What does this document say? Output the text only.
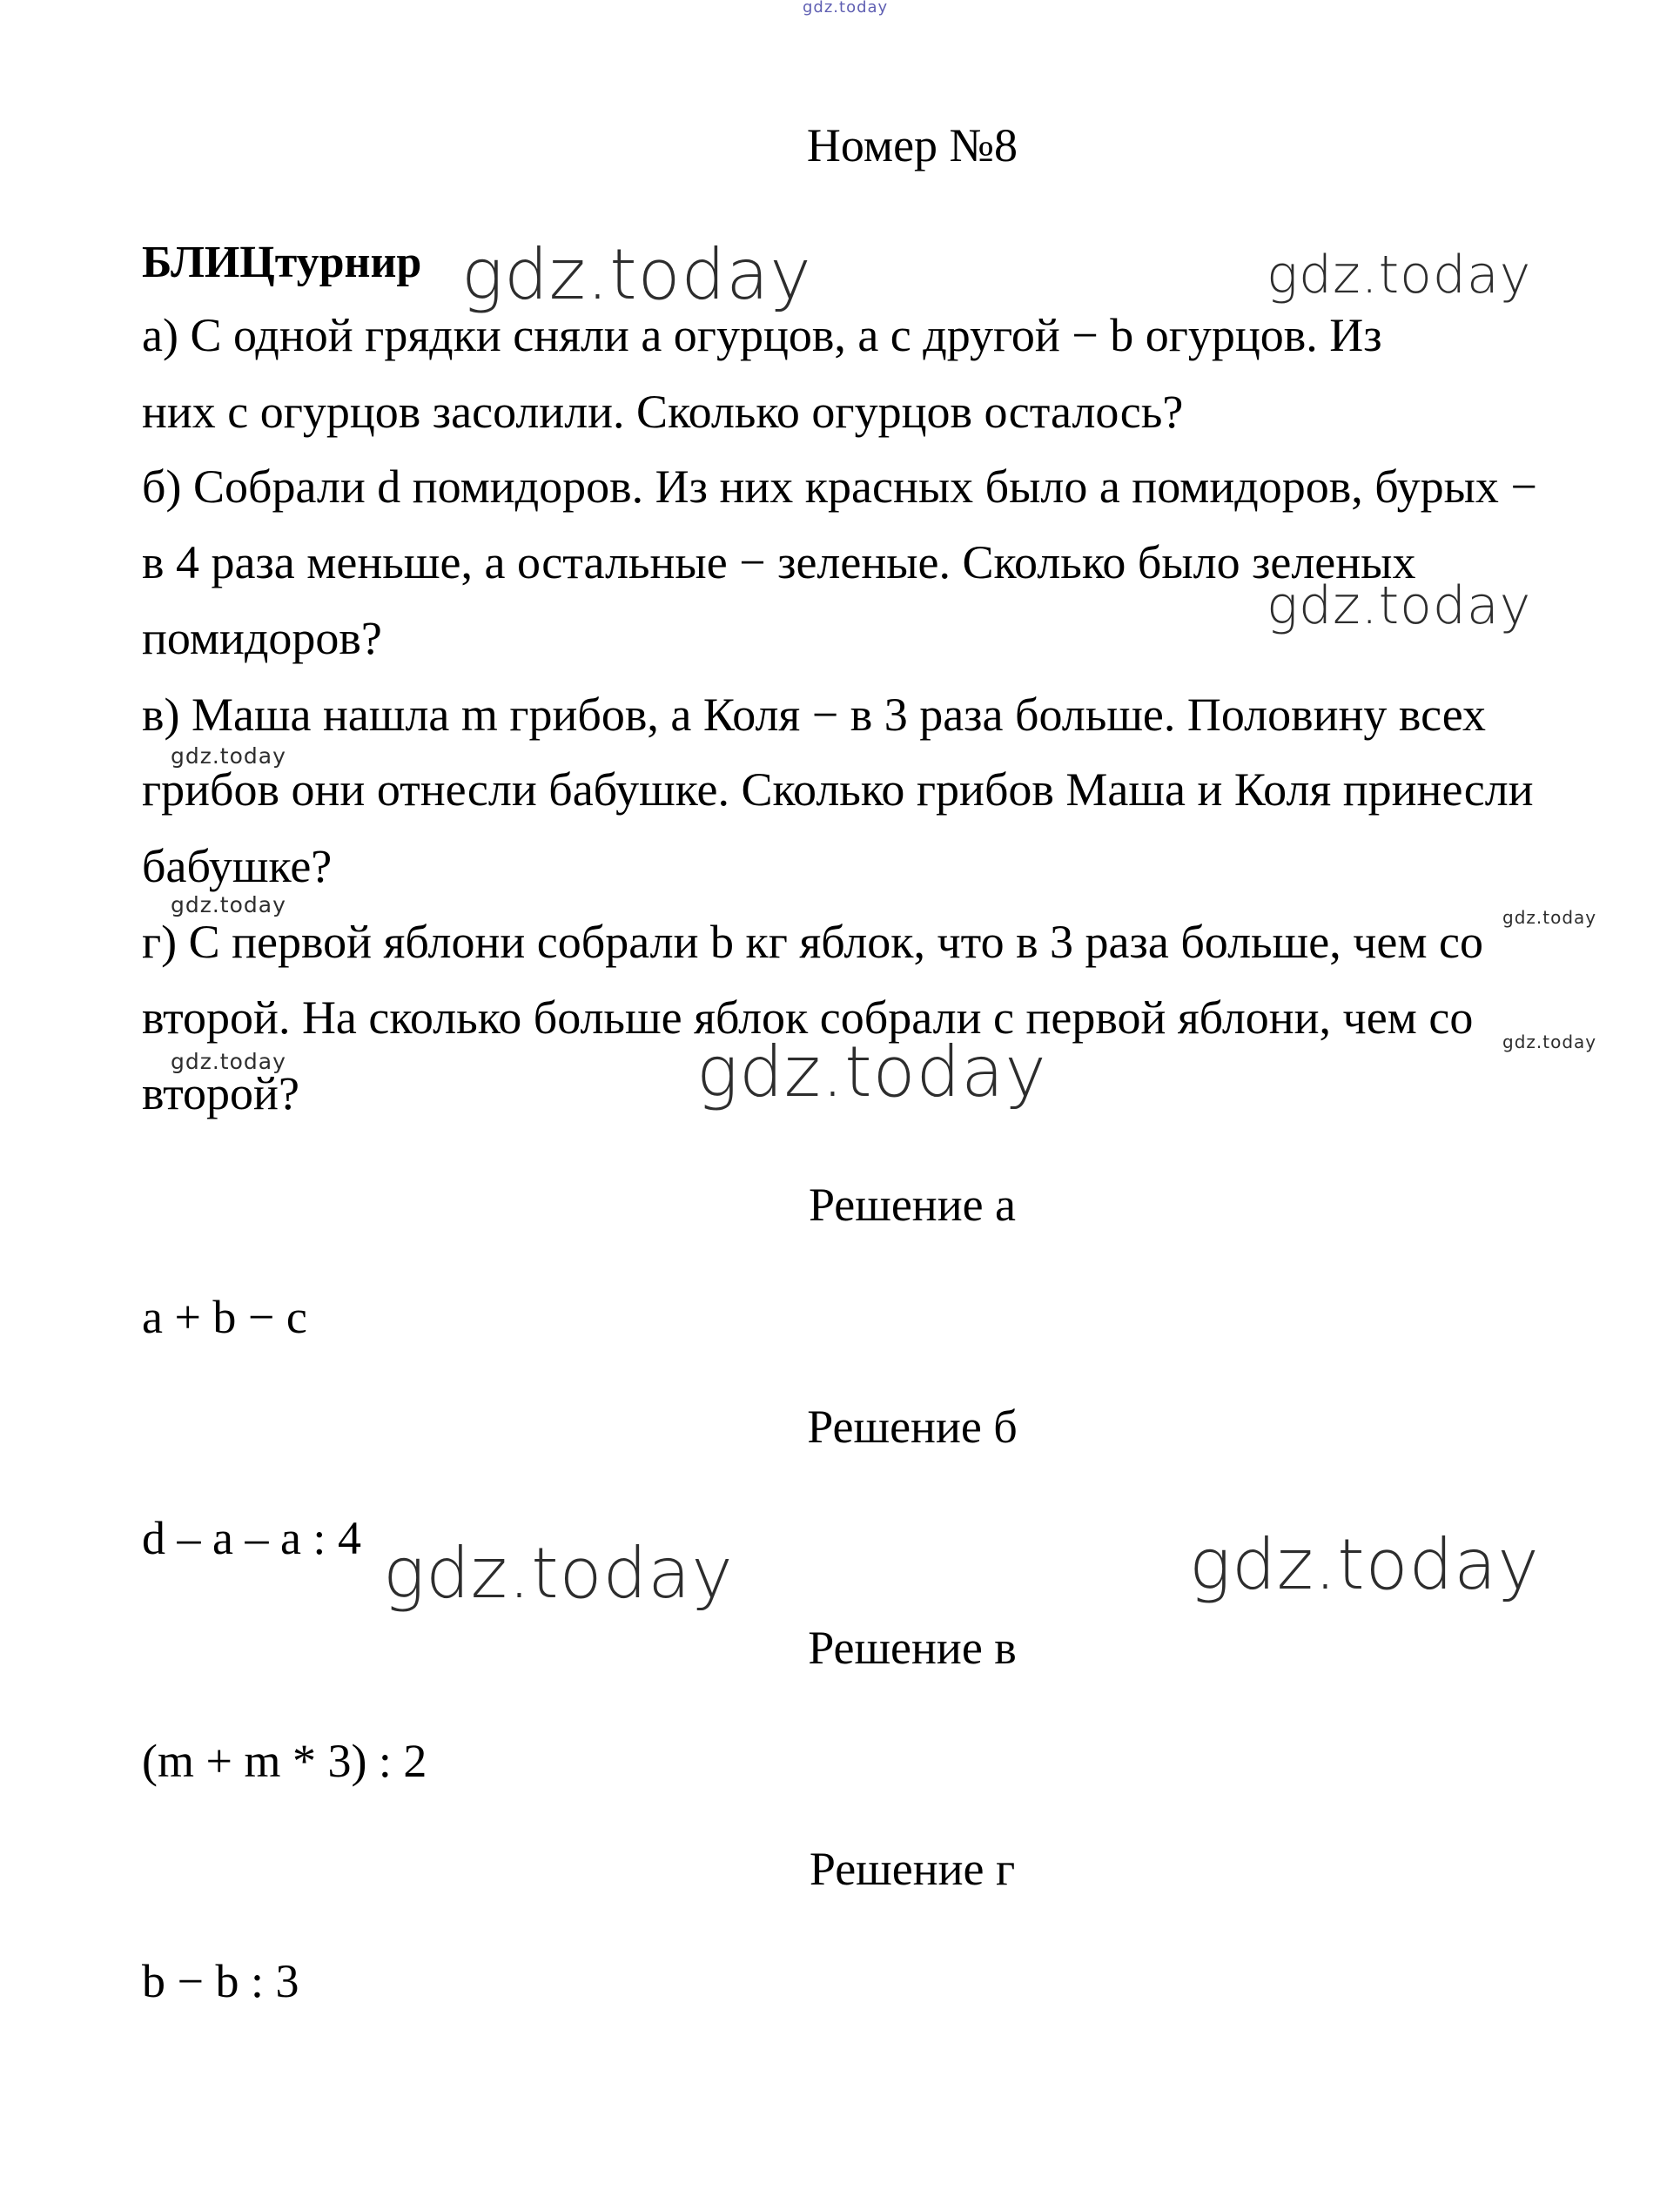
gdz.today
Номер №8
БЛИЦтурнир
а) С одной грядки сняли а огурцов, а с другой − b огурцов. Из
них с огурцов засолили. Сколько огурцов осталось?
б) Собрали d помидоров. Из них красных было а помидоров, бурых −
в 4 раза меньше, а остальные − зеленые. Сколько было зеленых
помидоров?
в) Маша нашла m грибов, а Коля − в 3 раза больше. Половину всех
грибов они отнесли бабушке. Сколько грибов Маша и Коля принесли
бабушке?
г) С первой яблони собрали b кг яблок, что в 3 раза больше, чем со
второй. На сколько больше яблок собрали с первой яблони, чем со
второй?
Решение а
a + b − c
Решение б
d – a – a : 4
Решение в
(m + m * 3) : 2
Решение г
b − b : 3
gdz.today	gdz.today
gdz.today
gdz.today
gdz.today	gdz.today
gdz.today
gdz.today	gdz.today
gdz.today	gdz.today
